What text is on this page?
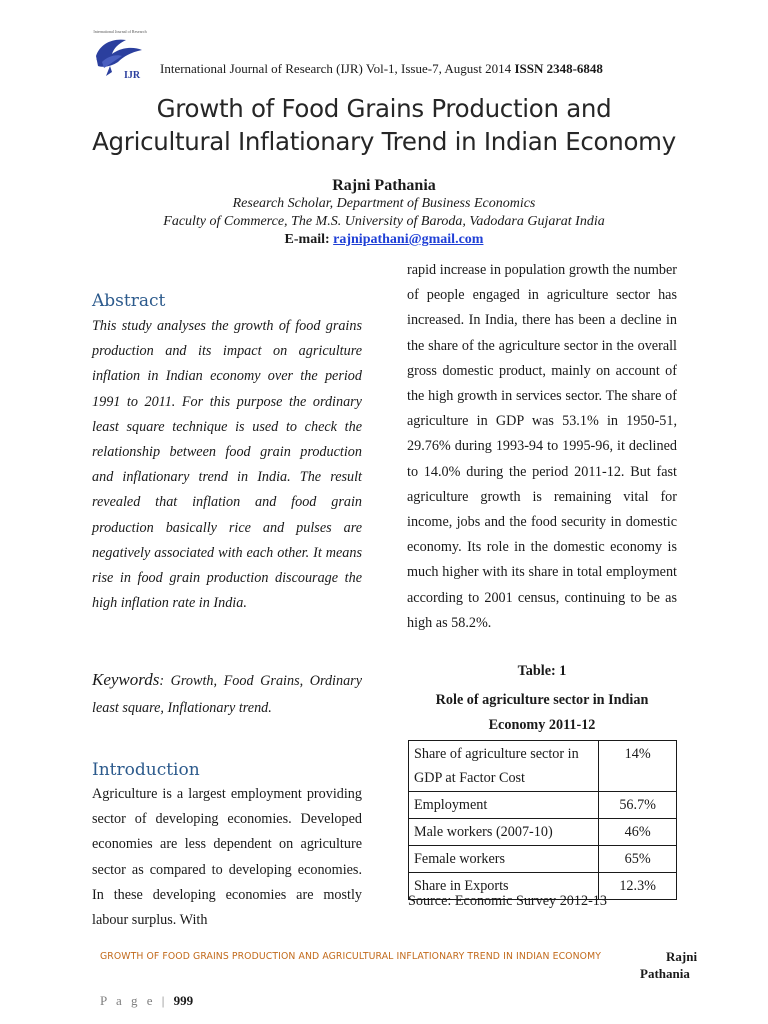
International Journal of Research
IJR International Journal of Research (IJR) Vol-1, Issue-7, August 2014 ISSN 2348-6848
Growth of Food Grains Production and
Agricultural Inflationary Trend in Indian Economy
Rajni Pathania
Research Scholar, Department of Business Economics
Faculty of Commerce, The M.S. University of Baroda, Vadodara Gujarat India
E-mail: rajnipathani@gmail.com
Abstract
This study analyses the growth of food grains production and its impact on agriculture inflation in Indian economy over the period 1991 to 2011. For this purpose the ordinary least square technique is used to check the relationship between food grain production and inflationary trend in India. The result revealed that inflation and food grain production basically rice and pulses are negatively associated with each other. It means rise in food grain production discourage the high inflation rate in India.
Keywords: Growth, Food Grains, Ordinary least square, Inflationary trend.
Introduction
Agriculture is a largest employment providing sector of developing economies. Developed economies are less dependent on agriculture sector as compared to developing economies. In these developing economies are mostly labour surplus. With
rapid increase in population growth the number of people engaged in agriculture sector has increased. In India, there has been a decline in the share of the agriculture sector in the overall gross domestic product, mainly on account of the high growth in services sector. The share of agriculture in GDP was 53.1% in 1950-51, 29.76% during 1993-94 to 1995-96, it declined to 14.0% during the period 2011-12. But fast agriculture growth is remaining vital for income, jobs and the food security in domestic economy. Its role in the domestic economy is much higher with its share in total employment according to 2001 census, continuing to be as high as 58.2%.
Table: 1
Role of agriculture sector in Indian Economy 2011-12
Share of agriculture sector in GDP at Factor Cost	14%
Employment	56.7%
Male workers (2007-10)	46%
Female workers	65%
Share in Exports	12.3%
Source: Economic Survey 2012-13
GROWTH OF FOOD GRAINS PRODUCTION AND AGRICULTURAL INFLATIONARY TREND IN INDIAN ECONOMY	Rajni
Pathania
P a g e | 999
